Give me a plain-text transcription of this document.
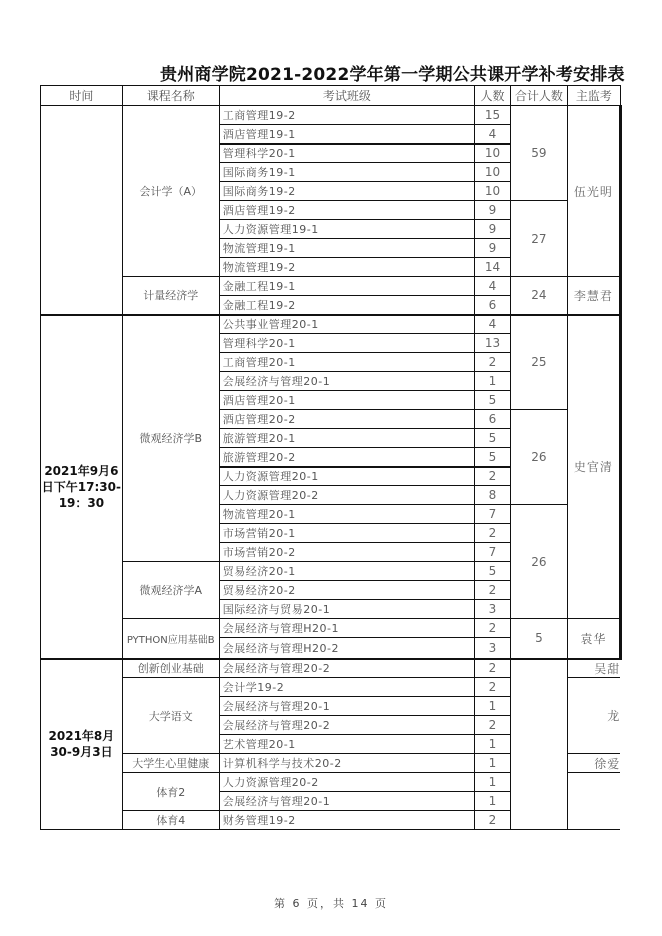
贵州商学院2021-2022学年第一学期公共课开学补考安排表
时间	课程名称	考试班级	人数	合计人数	主监考	
	会计学（A）	工商管理19-2	15	59	伍光明	
		酒店管理19-1	4			
		管理科学20-1	10			
		国际商务19-1	10			
		国际商务19-2	10			
		酒店管理19-2	9	27		
		人力资源管理19-1	9			
		物流管理19-1	9			
		物流管理19-2	14			
	计量经济学	金融工程19-1	4	24	李慧君	
		金融工程19-2	6			
2021年9月6日下午17:30-19：30	微观经济学B	公共事业管理20-1	4	25	史官清	
		管理科学20-1	13			
		工商管理20-1	2			
		会展经济与管理20-1	1			
		酒店管理20-1	5			
		酒店管理20-2	6	26		
		旅游管理20-1	5			
		旅游管理20-2	5			
		人力资源管理20-1	2			
		人力资源管理20-2	8			
		物流管理20-1	7	26		
		市场营销20-1	2			
		市场营销20-2	7			
	微观经济学A	贸易经济20-1	5			
		贸易经济20-2	2			
		国际经济与贸易20-1	3			
	PYTHON应用基础B	会展经济与管理H20-1	2	5	袁华	
		会展经济与管理H20-2	3			
2021年8月30-9月3日	创新创业基础	会展经济与管理20-2	2		吴甜	
	大学语文	会计学19-2	2		龙	
		会展经济与管理20-1	1			
		会展经济与管理20-2	2			
		艺术管理20-1	1			
	大学生心里健康	计算机科学与技术20-2	1		徐爱	
	体育2	人力资源管理20-2	1			
		会展经济与管理20-1	1			
	体育4	财务管理19-2	2			
第 6 页，共 14 页
